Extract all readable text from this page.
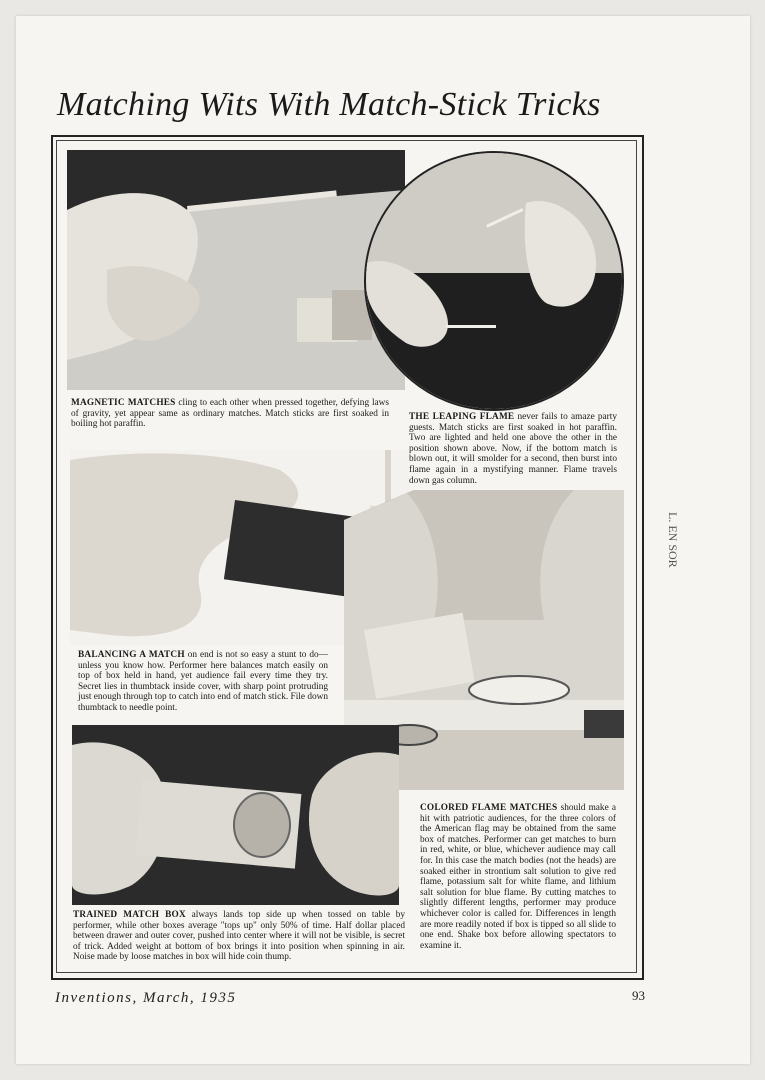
Matching Wits With Match-Stick Tricks
MAGNETIC MATCHES cling to each other when pressed together, defying laws of gravity, yet appear same as ordinary matches. Match sticks are first soaked in boiling hot paraffin.
THE LEAPING FLAME never fails to amaze party guests. Match sticks are first soaked in hot paraffin. Two are lighted and held one above the other in the position shown above. Now, if the bottom match is blown out, it will smolder for a second, then burst into flame again in a mystifying manner. Flame travels down gas column.
BALANCING A MATCH on end is not so easy a stunt to do—unless you know how. Performer here balances match easily on top of box held in hand, yet audience fail every time they try. Secret lies in thumbtack inside cover, with sharp point protruding just enough through top to catch into end of match stick. File down thumbtack to needle point.
COLORED FLAME MATCHES should make a hit with patriotic audiences, for the three colors of the American flag may be obtained from the same box of matches. Performer can get matches to burn in red, white, or blue, whichever audience may call for. In this case the match bodies (not the heads) are soaked either in strontium salt solution to give red flame, potassium salt for white flame, and lithium salt solution for blue flame. By cutting matches to slightly different lengths, performer may produce whichever color is called for. Differences in length are more readily noted if box is tipped so all slide to one end. Shake box before allowing spectators to examine it.
TRAINED MATCH BOX always lands top side up when tossed on table by performer, while other boxes average "tops up" only 50% of time. Half dollar placed between drawer and outer cover, pushed into center where it will not be visible, is secret of trick. Added weight at bottom of box brings it into position when spinning in air. Noise made by loose matches in box will hide coin thump.
Inventions, March, 1935	93
L. EN SOR
